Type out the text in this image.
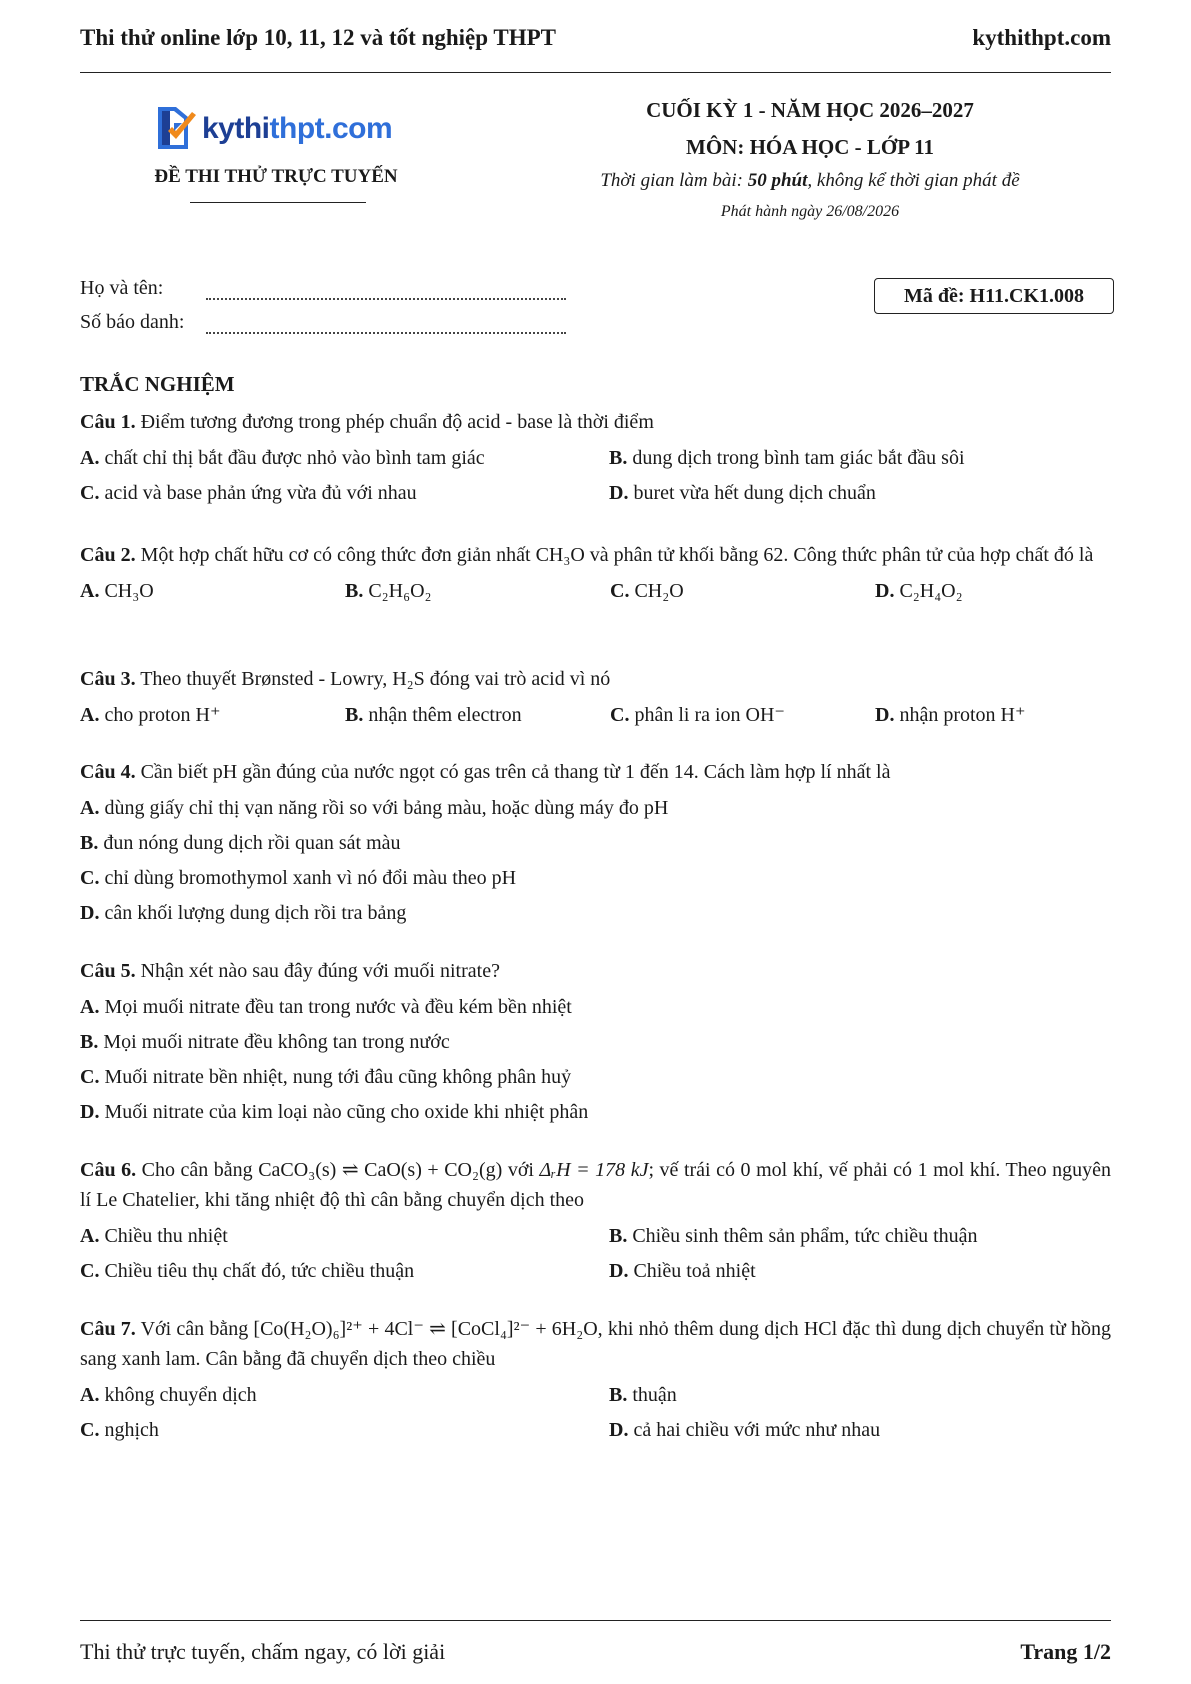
Thi thử online lớp 10, 11, 12 và tốt nghiệp THPT	kythithpt.com
kythithpt.com
ĐỀ THI THỬ TRỰC TUYẾN
CUỐI KỲ 1 - NĂM HỌC 2026–2027
MÔN: HÓA HỌC - LỚP 11
Thời gian làm bài: 50 phút, không kể thời gian phát đề
Phát hành ngày 26/08/2026
Họ và tên:
Số báo danh:
Mã đề:
H11.CK1.008
TRẮC NGHIỆM
Câu 1. Điểm tương đương trong phép chuẩn độ acid - base là thời điểm
A. chất chỉ thị bắt đầu được nhỏ vào bình tam giác	B. dung dịch trong bình tam giác bắt đầu sôi
C. acid và base phản ứng vừa đủ với nhau	D. buret vừa hết dung dịch chuẩn
Câu 2. Một hợp chất hữu cơ có công thức đơn giản nhất CH₃O và phân tử khối bằng 62. Công thức phân tử của hợp chất đó là
A. CH₃O	B. C₂H₆O₂	C. CH₂O	D. C₂H₄O₂
Câu 3. Theo thuyết Brønsted - Lowry, H₂S đóng vai trò acid vì nó
A. cho proton H⁺	B. nhận thêm electron	C. phân li ra ion OH⁻	D. nhận proton H⁺
Câu 4. Cần biết pH gần đúng của nước ngọt có gas trên cả thang từ 1 đến 14. Cách làm hợp lí nhất là
A. dùng giấy chỉ thị vạn năng rồi so với bảng màu, hoặc dùng máy đo pH
B. đun nóng dung dịch rồi quan sát màu
C. chỉ dùng bromothymol xanh vì nó đổi màu theo pH
D. cân khối lượng dung dịch rồi tra bảng
Câu 5. Nhận xét nào sau đây đúng với muối nitrate?
A. Mọi muối nitrate đều tan trong nước và đều kém bền nhiệt
B. Mọi muối nitrate đều không tan trong nước
C. Muối nitrate bền nhiệt, nung tới đâu cũng không phân huỷ
D. Muối nitrate của kim loại nào cũng cho oxide khi nhiệt phân
Câu 6. Cho cân bằng CaCO₃(s) ⇌ CaO(s) + CO₂(g) với ΔᵣH = 178 kJ; vế trái có 0 mol khí, vế phải có 1 mol khí. Theo nguyên lí Le Chatelier, khi tăng nhiệt độ thì cân bằng chuyển dịch theo
A. Chiều thu nhiệt	B. Chiều sinh thêm sản phẩm, tức chiều thuận
C. Chiều tiêu thụ chất đó, tức chiều thuận	D. Chiều toả nhiệt
Câu 7. Với cân bằng [Co(H₂O)₆]²⁺ + 4Cl⁻ ⇌ [CoCl₄]²⁻ + 6H₂O, khi nhỏ thêm dung dịch HCl đặc thì dung dịch chuyển từ hồng sang xanh lam. Cân bằng đã chuyển dịch theo chiều
A. không chuyển dịch	B. thuận
C. nghịch	D. cả hai chiều với mức như nhau
Thi thử trực tuyến, chấm ngay, có lời giải	Trang 1/2
